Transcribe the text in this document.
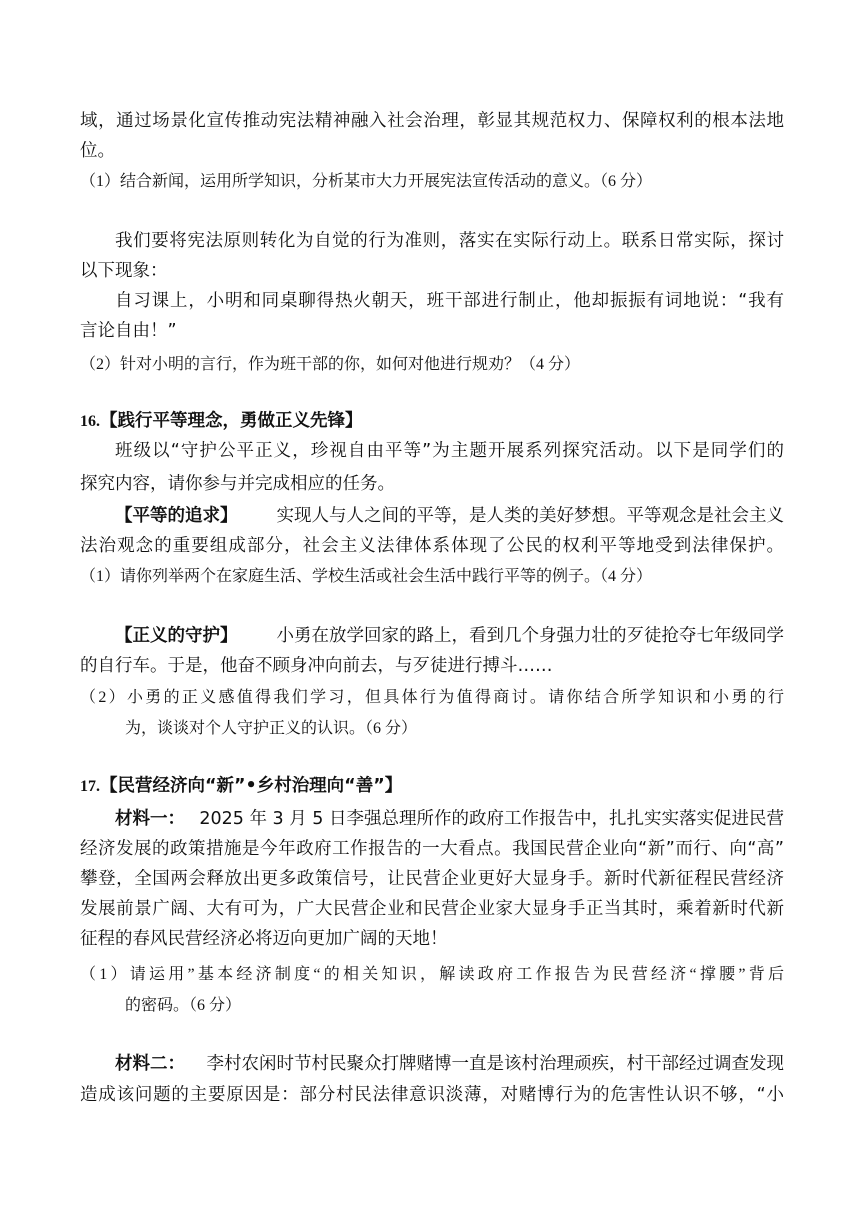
域，通过场景化宣传推动宪法精神融入社会治理，彰显其规范权力、保障权利的根本法地
位。
（1）结合新闻，运用所学知识，分析某市大力开展宪法宣传活动的意义。（6 分）
我们要将宪法原则转化为自觉的行为准则，落实在实际行动上。联系日常实际，探讨
以下现象：
自习课上，小明和同桌聊得热火朝天，班干部进行制止，他却振振有词地说：“我有
言论自由！”
（2）针对小明的言行，作为班干部的你，如何对他进行规劝？（4 分）
16.【践行平等理念，勇做正义先锋】
班级以“守护公平正义，珍视自由平等”为主题开展系列探究活动。以下是同学们的
探究内容，请你参与并完成相应的任务。
【平等的追求】 实现人与人之间的平等，是人类的美好梦想。平等观念是社会主义
法治观念的重要组成部分，社会主义法律体系体现了公民的权利平等地受到法律保护。
（1）请你列举两个在家庭生活、学校生活或社会生活中践行平等的例子。（4 分）
【正义的守护】 小勇在放学回家的路上，看到几个身强力壮的歹徒抢夺七年级同学
的自行车。于是，他奋不顾身冲向前去，与歹徒进行搏斗……
（2）小勇的正义感值得我们学习，但具体行为值得商讨。请你结合所学知识和小勇的行
为，谈谈对个人守护正义的认识。（6 分）
17.【民营经济向“新”•乡村治理向“善”】
材料一： 2025 年 3 月 5 日李强总理所作的政府工作报告中，扎扎实实落实促进民营
经济发展的政策措施是今年政府工作报告的一大看点。我国民营企业向“新”而行、向“高”
攀登，全国两会释放出更多政策信号，让民营企业更好大显身手。新时代新征程民营经济
发展前景广阔、大有可为，广大民营企业和民营企业家大显身手正当其时，乘着新时代新
征程的春风民营经济必将迈向更加广阔的天地！
（1）请运用”基本经济制度“的相关知识，解读政府工作报告为民营经济“撑腰”背后
的密码。（6 分）
材料二： 李村农闲时节村民聚众打牌赌博一直是该村治理顽疾，村干部经过调查发现
造成该问题的主要原因是：部分村民法律意识淡薄，对赌博行为的危害性认识不够，“小
